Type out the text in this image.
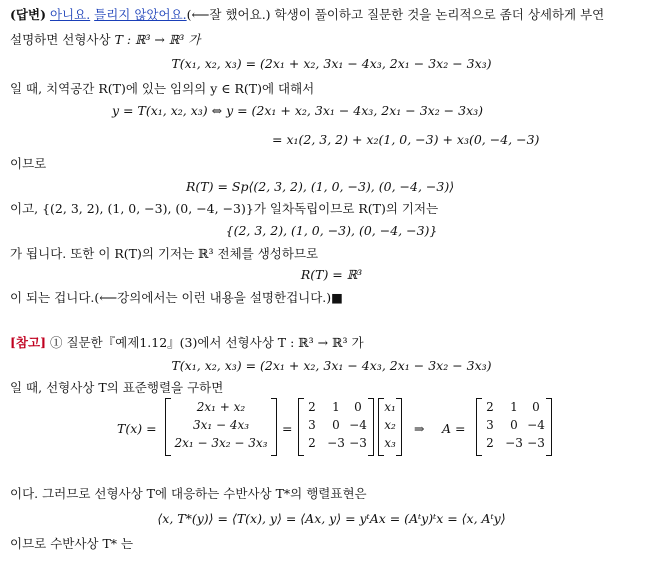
(답변) 아니요. 틀리지 않았어요.(⟵잘 했어요.) 학생이 풀이하고 질문한 것을 논리적으로 좀더 상세하게 부연
설명하면 선형사상 T : ℝ³ → ℝ³ 가
T(x₁, x₂, x₃) = (2x₁ + x₂, 3x₁ − 4x₃, 2x₁ − 3x₂ − 3x₃)
일 때, 치역공간 R(T)에 있는 임의의 y ∈ R(T)에 대해서
y = T(x₁, x₂, x₃) ⇔ y = (2x₁ + x₂, 3x₁ − 4x₃, 2x₁ − 3x₂ − 3x₃)
= x₁(2, 3, 2) + x₂(1, 0, −3) + x₃(0, −4, −3)
이므로
R(T) = Sp⟨(2, 3, 2), (1, 0, −3), (0, −4, −3)⟩
이고, {(2, 3, 2), (1, 0, −3), (0, −4, −3)}가 일차독립이므로 R(T)의 기저는
{(2, 3, 2), (1, 0, −3), (0, −4, −3)}
가 됩니다. 또한 이 R(T)의 기저는 ℝ³ 전체를 생성하므로
R(T) = ℝ³
이 되는 겁니다.(⟵강의에서는 이런 내용을 설명한겁니다.)■
[참고] ① 질문한『예제1.12』(3)에서 선형사상 T : ℝ³ → ℝ³ 가
T(x₁, x₂, x₃) = (2x₁ + x₂, 3x₁ − 4x₃, 2x₁ − 3x₂ − 3x₃)
일 때, 선형사상 T의 표준행렬을 구하면
T(x) =
2x₁ + x₂
3x₁ − 4x₃
2x₁ − 3x₂ − 3x₃
=
2	1	0
3	0 −4
2 −3 −3
x₁
x₂
x₃
⇒ A =
2	1	0
3	0 −4
2 −3 −3
이다. 그러므로 선형사상 T에 대응하는 수반사상 T*의 행렬표현은
⟨x, T*(y)⟩ = ⟨T(x), y⟩ = ⟨Ax, y⟩ = yᵗAx = (Aᵗy)ᵗx = ⟨x, Aᵗy⟩
이므로 수반사상 T* 는
